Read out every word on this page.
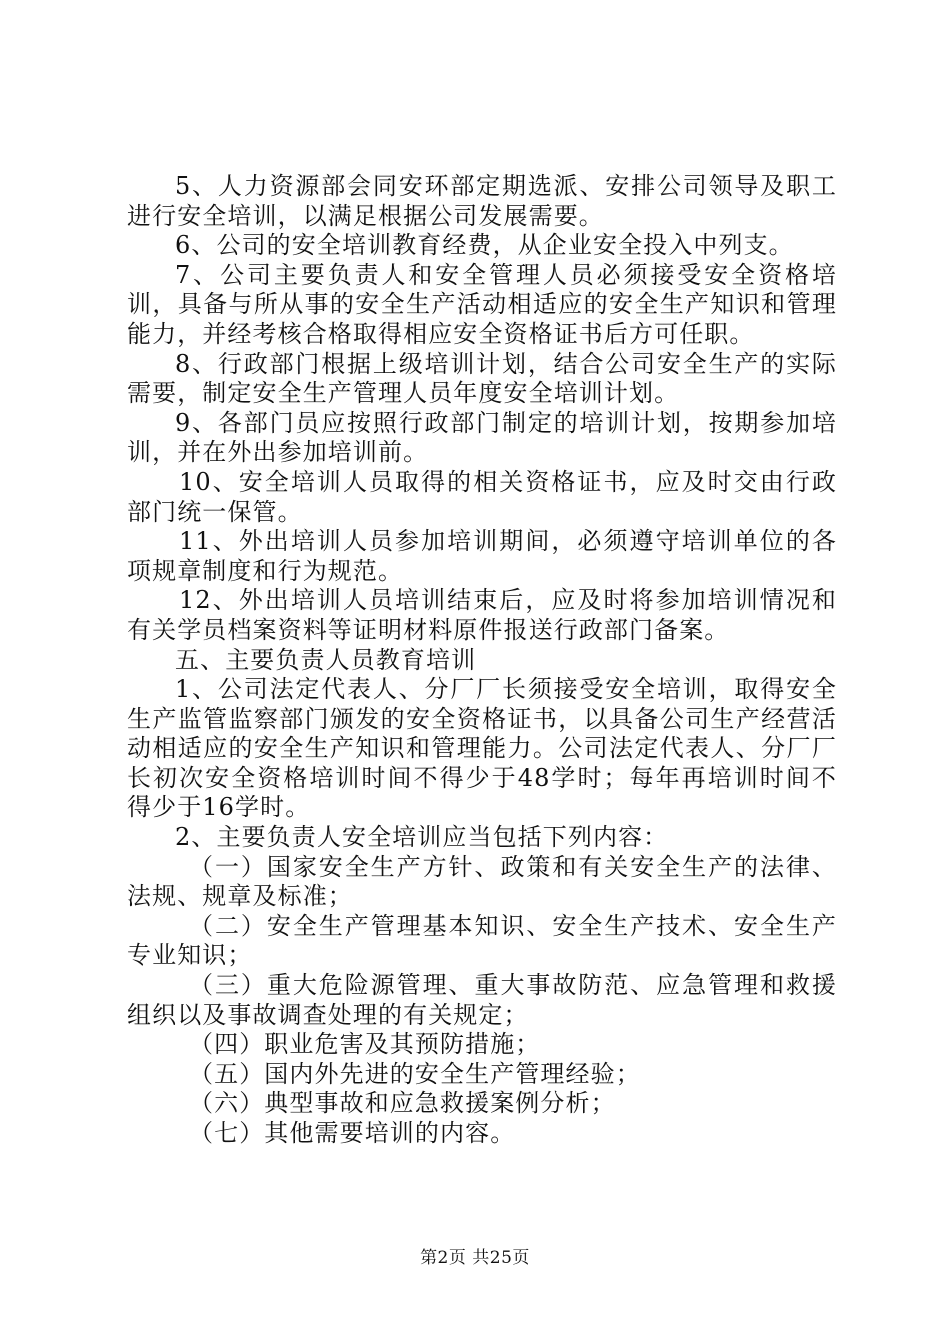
5、人力资源部会同安环部定期选派、安排公司领导及职工进行安全培训，以满足根据公司发展需要。

6、公司的安全培训教育经费，从企业安全投入中列支。

7、公司主要负责人和安全管理人员必须接受安全资格培训，具备与所从事的安全生产活动相适应的安全生产知识和管理能力，并经考核合格取得相应安全资格证书后方可任职。

8、行政部门根据上级培训计划，结合公司安全生产的实际需要，制定安全生产管理人员年度安全培训计划。

9、各部门员应按照行政部门制定的培训计划，按期参加培训，并在外出参加培训前。

10、安全培训人员取得的相关资格证书，应及时交由行政部门统一保管。

11、外出培训人员参加培训期间，必须遵守培训单位的各项规章制度和行为规范。

12、外出培训人员培训结束后，应及时将参加培训情况和有关学员档案资料等证明材料原件报送行政部门备案。

五、主要负责人员教育培训

1、公司法定代表人、分厂厂长须接受安全培训，取得安全生产监管监察部门颁发的安全资格证书，以具备公司生产经营活动相适应的安全生产知识和管理能力。公司法定代表人、分厂厂长初次安全资格培训时间不得少于48学时；每年再培训时间不得少于16学时。

2、主要负责人安全培训应当包括下列内容：

（一）国家安全生产方针、政策和有关安全生产的法律、法规、规章及标准；

（二）安全生产管理基本知识、安全生产技术、安全生产专业知识；

（三）重大危险源管理、重大事故防范、应急管理和救援组织以及事故调查处理的有关规定；

（四）职业危害及其预防措施；

（五）国内外先进的安全生产管理经验；

（六）典型事故和应急救援案例分析；

（七）其他需要培训的内容。

第2页 共25页
